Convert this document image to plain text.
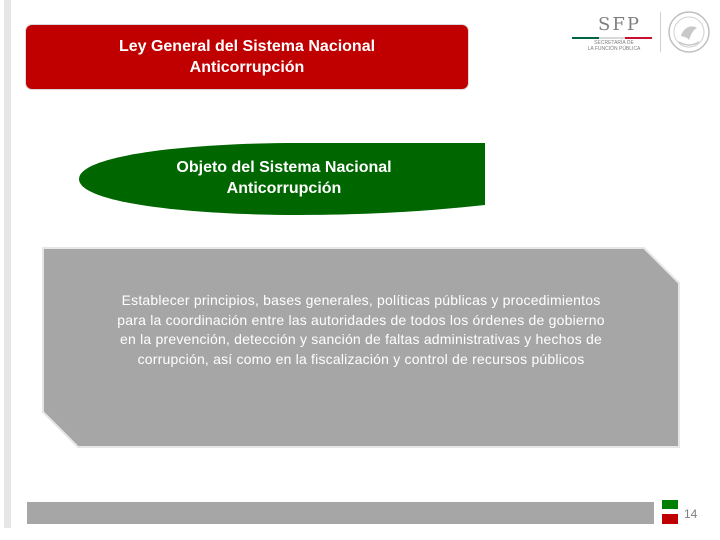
Ley General del Sistema Nacional
Anticorrupción
SFP
SECRETARÍA DE
LA FUNCIÓN PÚBLICA
Objeto del Sistema Nacional
Anticorrupción
Establecer principios, bases generales, políticas públicas y procedimientos
para la coordinación entre las autoridades de todos los órdenes de gobierno
en la prevención, detección y sanción de faltas administrativas y hechos de
corrupción, así como en la fiscalización y control de recursos públicos
14
